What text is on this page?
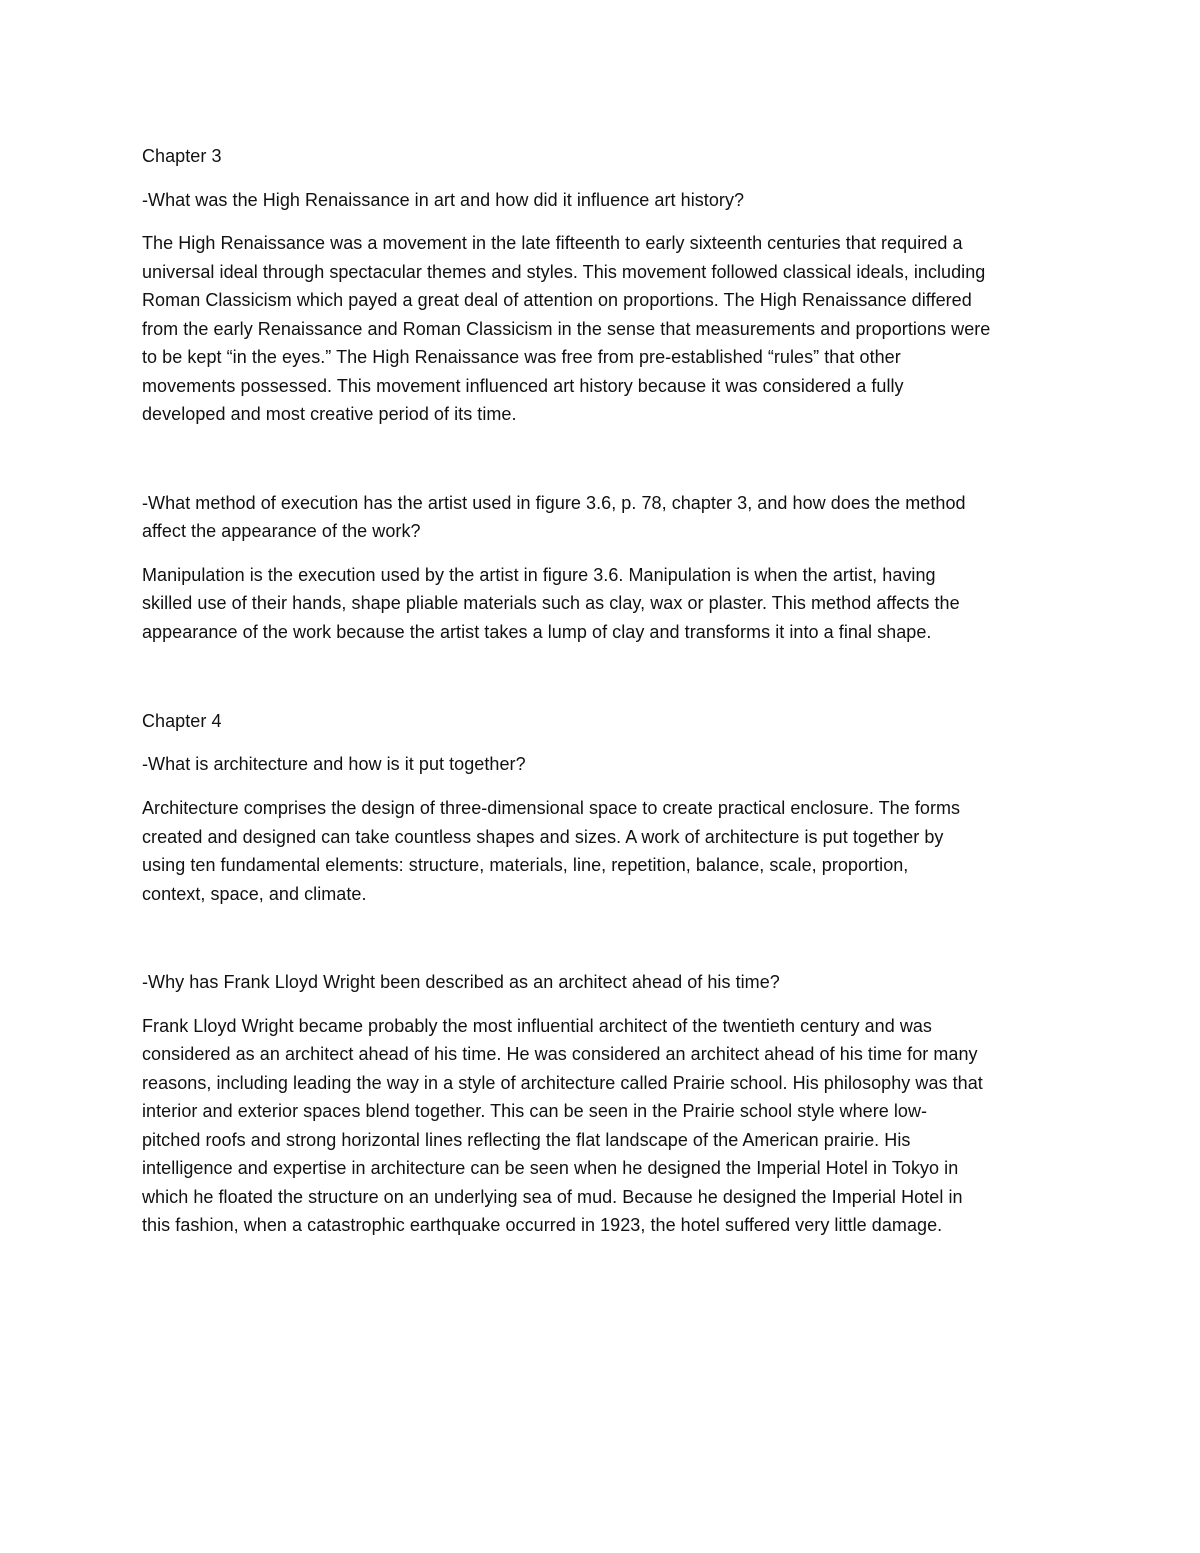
Chapter 3
-What was the High Renaissance in art and how did it influence art history?
The High Renaissance was a movement in the late fifteenth to early sixteenth centuries that required a
universal ideal through spectacular themes and styles. This movement followed classical ideals, including
Roman Classicism which payed a great deal of attention on proportions. The High Renaissance differed
from the early Renaissance and Roman Classicism in the sense that measurements and proportions were
to be kept “in the eyes.” The High Renaissance was free from pre-established “rules” that other
movements possessed. This movement influenced art history because it was considered a fully
developed and most creative period of its time.
-What method of execution has the artist used in figure 3.6, p. 78, chapter 3, and how does the method
affect the appearance of the work?
Manipulation is the execution used by the artist in figure 3.6. Manipulation is when the artist, having
skilled use of their hands, shape pliable materials such as clay, wax or plaster. This method affects the
appearance of the work because the artist takes a lump of clay and transforms it into a final shape.
Chapter 4
-What is architecture and how is it put together?
Architecture comprises the design of three-dimensional space to create practical enclosure. The forms
created and designed can take countless shapes and sizes. A work of architecture is put together by
using ten fundamental elements: structure, materials, line, repetition, balance, scale, proportion,
context, space, and climate.
-Why has Frank Lloyd Wright been described as an architect ahead of his time?
Frank Lloyd Wright became probably the most influential architect of the twentieth century and was
considered as an architect ahead of his time. He was considered an architect ahead of his time for many
reasons, including leading the way in a style of architecture called Prairie school. His philosophy was that
interior and exterior spaces blend together. This can be seen in the Prairie school style where low-
pitched roofs and strong horizontal lines reflecting the flat landscape of the American prairie. His
intelligence and expertise in architecture can be seen when he designed the Imperial Hotel in Tokyo in
which he floated the structure on an underlying sea of mud. Because he designed the Imperial Hotel in
this fashion, when a catastrophic earthquake occurred in 1923, the hotel suffered very little damage.
